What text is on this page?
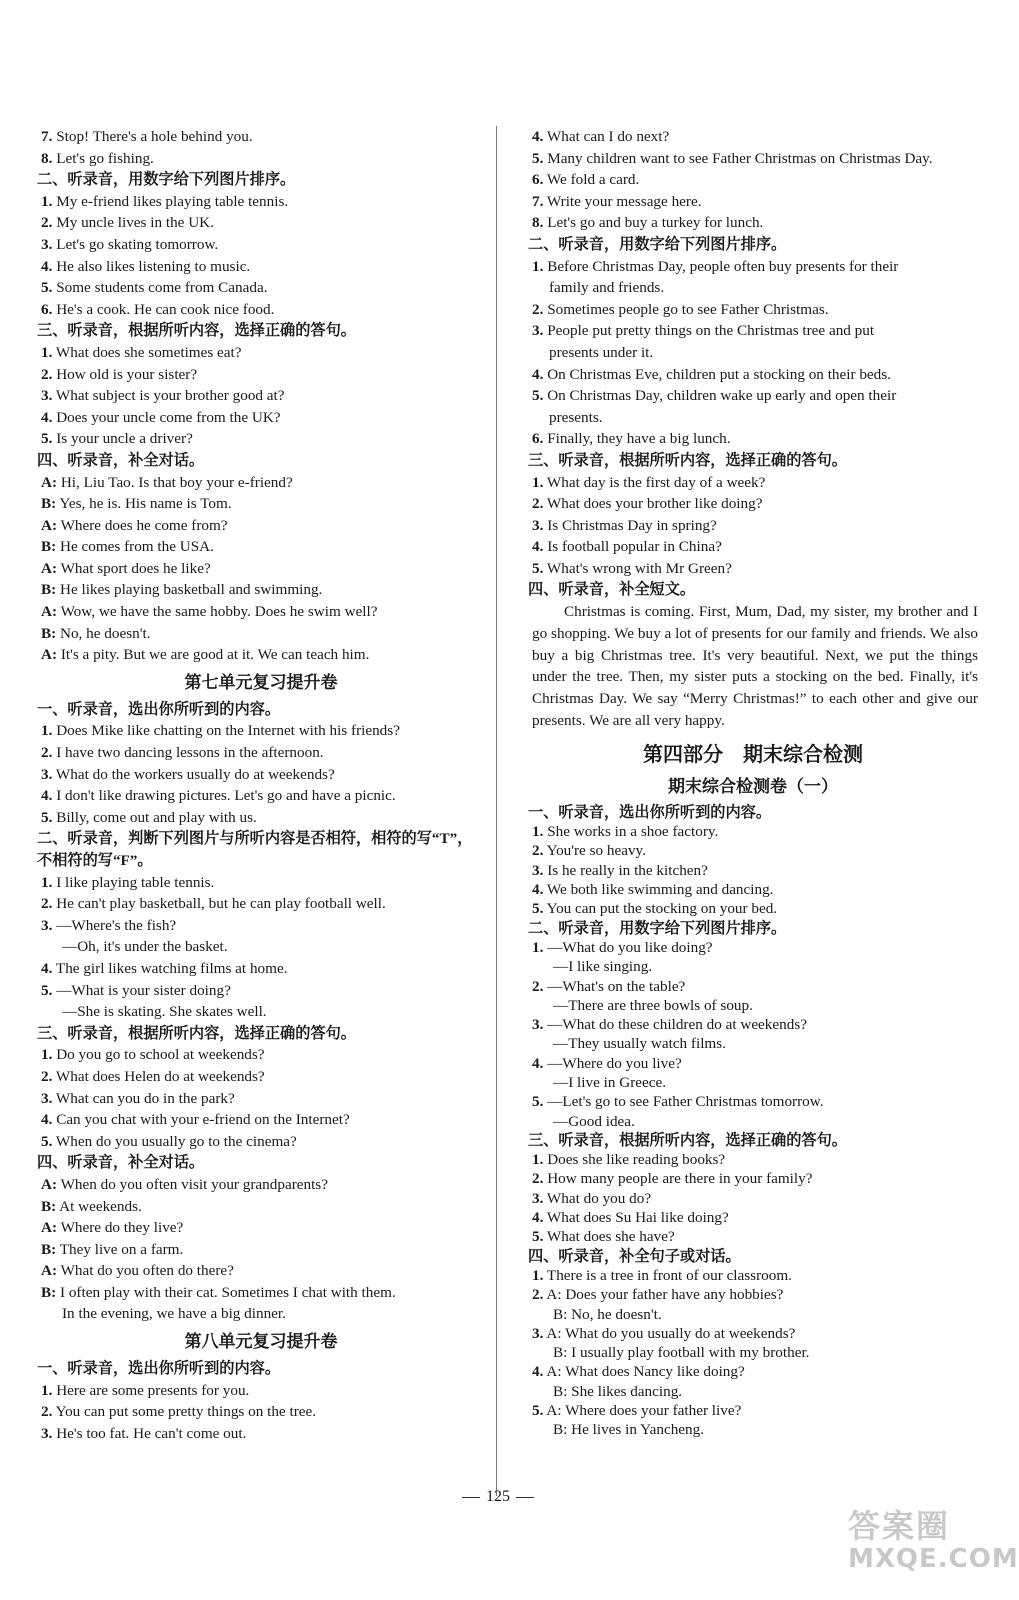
7. Stop! There's a hole behind you.
8. Let's go fishing.
二、听录音，用数字给下列图片排序。
1. My e-friend likes playing table tennis.
2. My uncle lives in the UK.
3. Let's go skating tomorrow.
4. He also likes listening to music.
5. Some students come from Canada.
6. He's a cook. He can cook nice food.
三、听录音，根据所听内容，选择正确的答句。
1. What does she sometimes eat?
2. How old is your sister?
3. What subject is your brother good at?
4. Does your uncle come from the UK?
5. Is your uncle a driver?
四、听录音，补全对话。
A: Hi, Liu Tao. Is that boy your e-friend?
B: Yes, he is. His name is Tom.
A: Where does he come from?
B: He comes from the USA.
A: What sport does he like?
B: He likes playing basketball and swimming.
A: Wow, we have the same hobby. Does he swim well?
B: No, he doesn't.
A: It's a pity. But we are good at it. We can teach him.
第七单元复习提升卷
一、听录音，选出你所听到的内容。
1. Does Mike like chatting on the Internet with his friends?
2. I have two dancing lessons in the afternoon.
3. What do the workers usually do at weekends?
4. I don't like drawing pictures. Let's go and have a picnic.
5. Billy, come out and play with us.
二、听录音，判断下列图片与所听内容是否相符，相符的写“T”，
不相符的写“F”。
1. I like playing table tennis.
2. He can't play basketball, but he can play football well.
3. —Where's the fish?
—Oh, it's under the basket.
4. The girl likes watching films at home.
5. —What is your sister doing?
—She is skating. She skates well.
三、听录音，根据所听内容，选择正确的答句。
1. Do you go to school at weekends?
2. What does Helen do at weekends?
3. What can you do in the park?
4. Can you chat with your e-friend on the Internet?
5. When do you usually go to the cinema?
四、听录音，补全对话。
A: When do you often visit your grandparents?
B: At weekends.
A: Where do they live?
B: They live on a farm.
A: What do you often do there?
B: I often play with their cat. Sometimes I chat with them.
In the evening, we have a big dinner.
第八单元复习提升卷
一、听录音，选出你所听到的内容。
1. Here are some presents for you.
2. You can put some pretty things on the tree.
3. He's too fat. He can't come out.
4. What can I do next?
5. Many children want to see Father Christmas on Christmas Day.
6. We fold a card.
7. Write your message here.
8. Let's go and buy a turkey for lunch.
二、听录音，用数字给下列图片排序。
1. Before Christmas Day, people often buy presents for their
family and friends.
2. Sometimes people go to see Father Christmas.
3. People put pretty things on the Christmas tree and put
presents under it.
4. On Christmas Eve, children put a stocking on their beds.
5. On Christmas Day, children wake up early and open their
presents.
6. Finally, they have a big lunch.
三、听录音，根据所听内容，选择正确的答句。
1. What day is the first day of a week?
2. What does your brother like doing?
3. Is Christmas Day in spring?
4. Is football popular in China?
5. What's wrong with Mr Green?
四、听录音，补全短文。
Christmas is coming. First, Mum, Dad, my sister, my brother and I go shopping. We buy a lot of presents for our family and friends. We also buy a big Christmas tree. It's very beautiful. Next, we put the things under the tree. Then, my sister puts a stocking on the bed. Finally, it's Christmas Day. We say “Merry Christmas!” to each other and give our presents. We are all very happy.
第四部分　期末综合检测
期末综合检测卷（一）
一、听录音，选出你所听到的内容。
1. She works in a shoe factory.
2. You're so heavy.
3. Is he really in the kitchen?
4. We both like swimming and dancing.
5. You can put the stocking on your bed.
二、听录音，用数字给下列图片排序。
1. —What do you like doing?
—I like singing.
2. —What's on the table?
—There are three bowls of soup.
3. —What do these children do at weekends?
—They usually watch films.
4. —Where do you live?
—I live in Greece.
5. —Let's go to see Father Christmas tomorrow.
—Good idea.
三、听录音，根据所听内容，选择正确的答句。
1. Does she like reading books?
2. How many people are there in your family?
3. What do you do?
4. What does Su Hai like doing?
5. What does she have?
四、听录音，补全句子或对话。
1. There is a tree in front of our classroom.
2. A: Does your father have any hobbies?
B: No, he doesn't.
3. A: What do you usually do at weekends?
B: I usually play football with my brother.
4. A: What does Nancy like doing?
B: She likes dancing.
5. A: Where does your father live?
B: He lives in Yancheng.
125
答案圈
MXQE.COM
